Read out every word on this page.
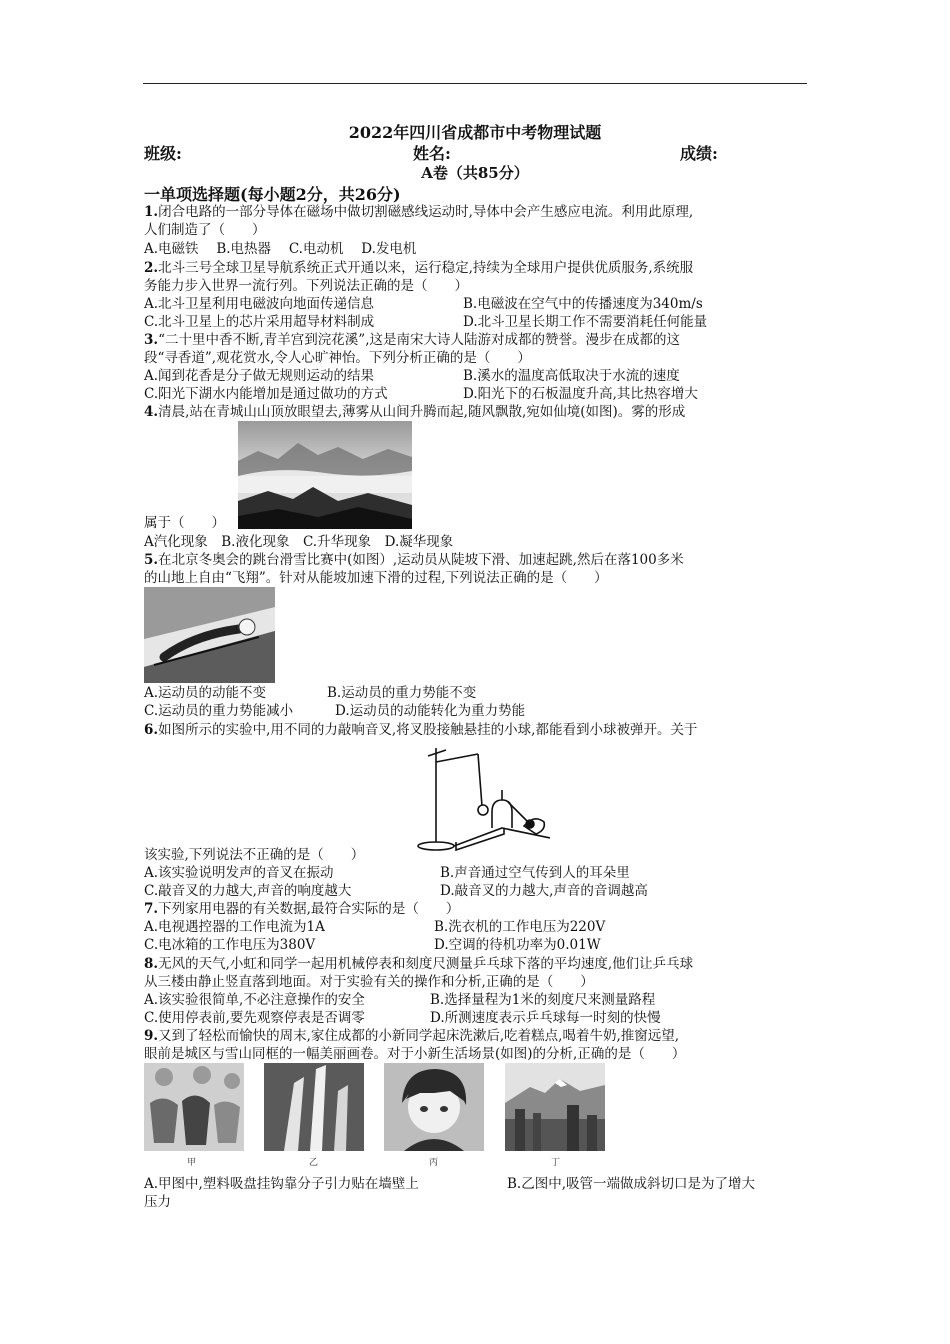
2022年四川省成都市中考物理试题
班级:	姓名:	成绩:
A卷（共85分）
一单项选择题(每小题2分，共26分)
1.闭合电路的一部分导体在磁场中做切割磁感线运动时,导体中会产生感应电流。利用此原理,
人们制造了（　　）
A.电磁铁　 B.电热器　 C.电动机　 D.发电机
2.北斗三号全球卫星导航系统正式开通以来，运行稳定,持续为全球用户提供优质服务,系统服
务能力步入世界一流行列。下列说法正确的是（　　）
A.北斗卫星利用电磁波向地面传递信息	B.电磁波在空气中的传播速度为340m/s
C.北斗卫星上的芯片采用超导材料制成	D.北斗卫星长期工作不需要消耗任何能量
3.“二十里中香不断,青羊宫到浣花溪”,这是南宋大诗人陆游对成都的赞誉。漫步在成都的这
段“寻香道”,观花赏水,令人心旷神怡。下列分析正确的是（　　）
A.闻到花香是分子做无规则运动的结果	B.溪水的温度高低取决于水流的速度
C.阳光下湖水内能增加是通过做功的方式	D.阳光下的石板温度升高,其比热容增大
4.清晨,站在青城山山顶放眼望去,薄雾从山间升腾而起,随风飘散,宛如仙境(如图)。雾的形成
属于（　　）
A汽化现象　B.液化现象　C.升华现象　D.凝华现象
5.在北京冬奥会的跳台滑雪比赛中(如图）,运动员从陡坡下滑、加速起跳,然后在落100多米
的山地上自由“飞翔”。针对从能坡加速下滑的过程,下列说法正确的是（　　）
A.运动员的动能不变	B.运动员的重力势能不变
C.运动员的重力势能减小	D.运动员的动能转化为重力势能
6.如图所示的实验中,用不同的力敲响音叉,将叉股接触悬挂的小球,都能看到小球被弹开。关于
该实验,下列说法不正确的是（　　）
A.该实验说明发声的音叉在振动	B.声音通过空气传到人的耳朵里
C.敲音叉的力越大,声音的响度越大	D.敲音叉的力越大,声音的音调越高
7.下列家用电器的有关数据,最符合实际的是（　　）
A.电视遇控器的工作电流为1A	B.洗衣机的工作电压为220V
C.电冰箱的工作电压为380V	D.空调的待机功率为0.01W
8.无风的天气,小虹和同学一起用机械停表和刻度尺测量乒乓球下落的平均速度,他们让乒乓球
从三楼由静止竖直落到地面。对于实验有关的操作和分析,正确的是（　　）
A.该实验很简单,不必注意操作的安全	B.选择量程为1米的刻度尺来测量路程
C.使用停表前,要先观察停表是否调零	D.所测速度表示乒乓球每一时刻的快慢
9.又到了轻松而愉快的周末,家住成都的小新同学起床洗漱后,吃着糕点,喝着牛奶,推窗远望,
眼前是城区与雪山同框的一幅美丽画卷。对于小新生活场景(如图)的分析,正确的是（　　）
甲	乙	丙	丁
A.甲图中,塑料吸盘挂钩靠分子引力贴在墙壁上	B.乙图中,吸管一端做成斜切口是为了增大
压力
